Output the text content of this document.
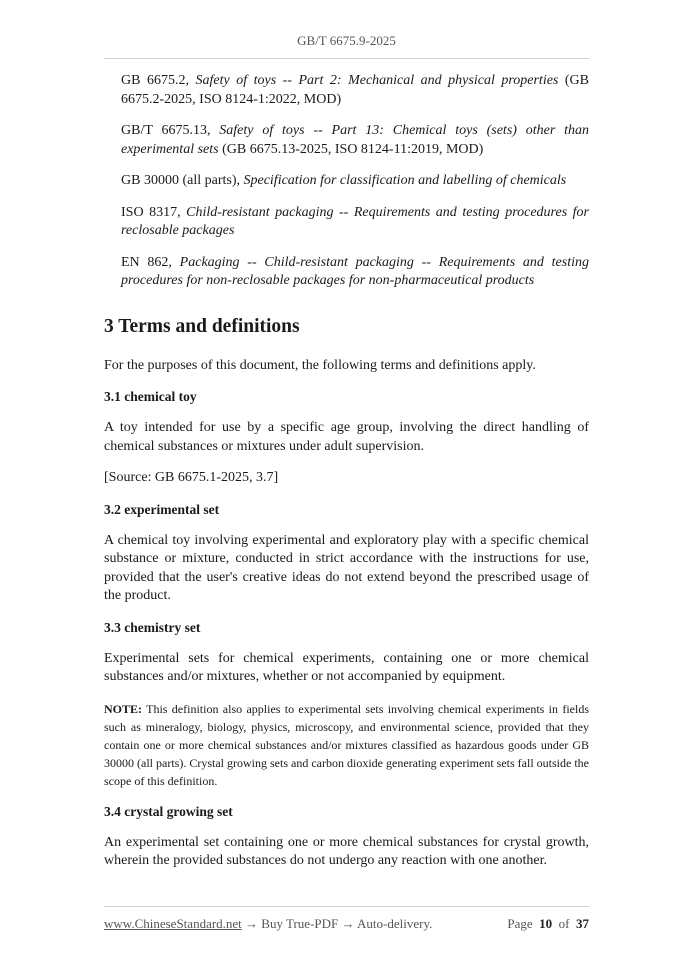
GB/T 6675.9-2025

GB 6675.2, Safety of toys -- Part 2: Mechanical and physical properties (GB 6675.2-2025, ISO 8124-1:2022, MOD)

GB/T 6675.13, Safety of toys -- Part 13: Chemical toys (sets) other than experimental sets (GB 6675.13-2025, ISO 8124-11:2019, MOD)

GB 30000 (all parts), Specification for classification and labelling of chemicals

ISO 8317, Child-resistant packaging -- Requirements and testing procedures for reclosable packages

EN 862, Packaging -- Child-resistant packaging -- Requirements and testing procedures for non-reclosable packages for non-pharmaceutical products

3 Terms and definitions

For the purposes of this document, the following terms and definitions apply.

3.1 chemical toy

A toy intended for use by a specific age group, involving the direct handling of chemical substances or mixtures under adult supervision.

[Source: GB 6675.1-2025, 3.7]

3.2 experimental set

A chemical toy involving experimental and exploratory play with a specific chemical substance or mixture, conducted in strict accordance with the instructions for use, provided that the user's creative ideas do not extend beyond the prescribed usage of the product.

3.3 chemistry set

Experimental sets for chemical experiments, containing one or more chemical substances and/or mixtures, whether or not accompanied by equipment.

NOTE: This definition also applies to experimental sets involving chemical experiments in fields such as mineralogy, biology, physics, microscopy, and environmental science, provided that they contain one or more chemical substances and/or mixtures classified as hazardous goods under GB 30000 (all parts). Crystal growing sets and carbon dioxide generating experiment sets fall outside the scope of this definition.

3.4 crystal growing set

An experimental set containing one or more chemical substances for crystal growth, wherein the provided substances do not undergo any reaction with one another.

www.ChineseStandard.net → Buy True-PDF → Auto-delivery.	Page 10 of 37
